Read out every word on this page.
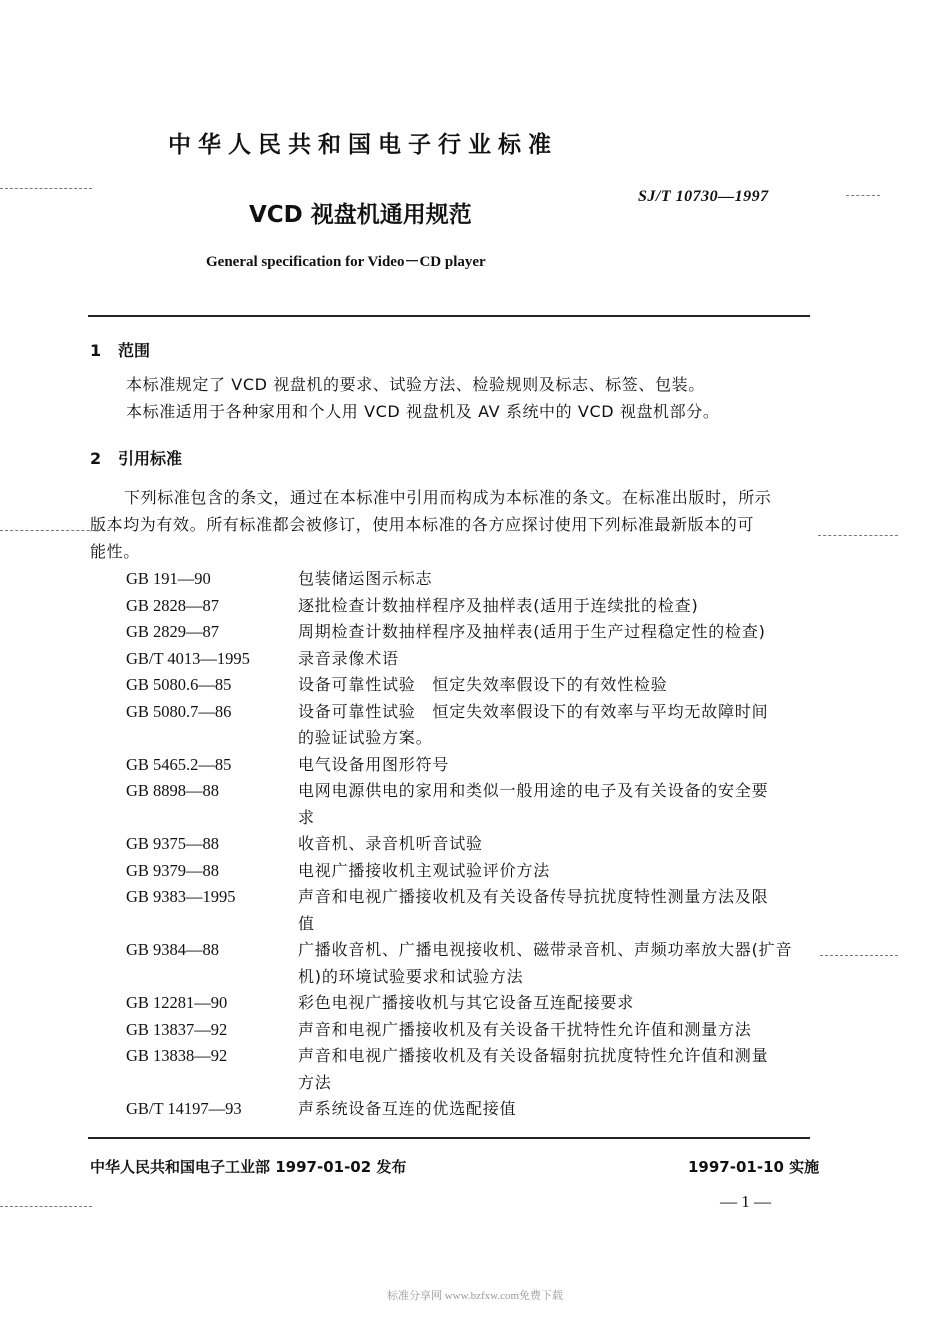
中华人民共和国电子行业标准
SJ/T 10730—1997
VCD 视盘机通用规范
General specification for Video－CD player
1 范围
本标准规定了 VCD 视盘机的要求、试验方法、检验规则及标志、标签、包装。
本标准适用于各种家用和个人用 VCD 视盘机及 AV 系统中的 VCD 视盘机部分。
2 引用标准
下列标准包含的条文，通过在本标准中引用而构成为本标准的条文。在标准出版时，所示
版本均为有效。所有标准都会被修订，使用本标准的各方应探讨使用下列标准最新版本的可
能性。
GB 191—90	包装储运图示标志
GB 2828—87	逐批检查计数抽样程序及抽样表(适用于连续批的检查)
GB 2829—87	周期检查计数抽样程序及抽样表(适用于生产过程稳定性的检查)
GB/T 4013—1995	录音录像术语
GB 5080.6—85	设备可靠性试验　恒定失效率假设下的有效性检验
GB 5080.7—86	设备可靠性试验　恒定失效率假设下的有效率与平均无故障时间
的验证试验方案。
GB 5465.2—85	电气设备用图形符号
GB 8898—88	电网电源供电的家用和类似一般用途的电子及有关设备的安全要
求
GB 9375—88	收音机、录音机听音试验
GB 9379—88	电视广播接收机主观试验评价方法
GB 9383—1995	声音和电视广播接收机及有关设备传导抗扰度特性测量方法及限
值
GB 9384—88	广播收音机、广播电视接收机、磁带录音机、声频功率放大器(扩音
机)的环境试验要求和试验方法
GB 12281—90	彩色电视广播接收机与其它设备互连配接要求
GB 13837—92	声音和电视广播接收机及有关设备干扰特性允许值和测量方法
GB 13838—92	声音和电视广播接收机及有关设备辐射抗扰度特性允许值和测量
方法
GB/T 14197—93	声系统设备互连的优选配接值
中华人民共和国电子工业部 1997-01-02 发布	1997-01-10 实施
— 1 —
标准分享网 www.bzfxw.com免费下载
